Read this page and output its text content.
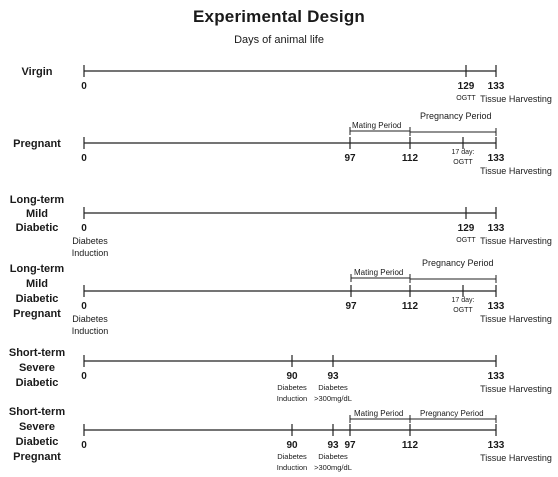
Experimental Design
Days of animal life
Virgin
0	129
OGTT
133
Tissue Harvesting
Pregnant
0	97	112
17 day:
OGTT 133
Tissue Harvesting
Mating Period
Pregnancy Period
Long-term
Mild
Diabetic 0
Diabetes
Induction
129
OGTT
133
Tissue Harvesting
Long-term
Mild
Diabetic
Pregnant
0
Diabetes
Induction
97	112
17 day:
OGTT 133
Tissue Harvesting
Mating Period
Pregnancy Period
Short-term
Severe
Diabetic
0	90
Diabetes
Induction
93
Diabetes
>300mg/dL
133
Tissue Harvesting
Short-term
Severe
Diabetic
Pregnant
0	90
Diabetes
Induction
93
Diabetes
>300mg/dL
97	112	133
Tissue Harvesting
Mating Period Pregnancy Period
